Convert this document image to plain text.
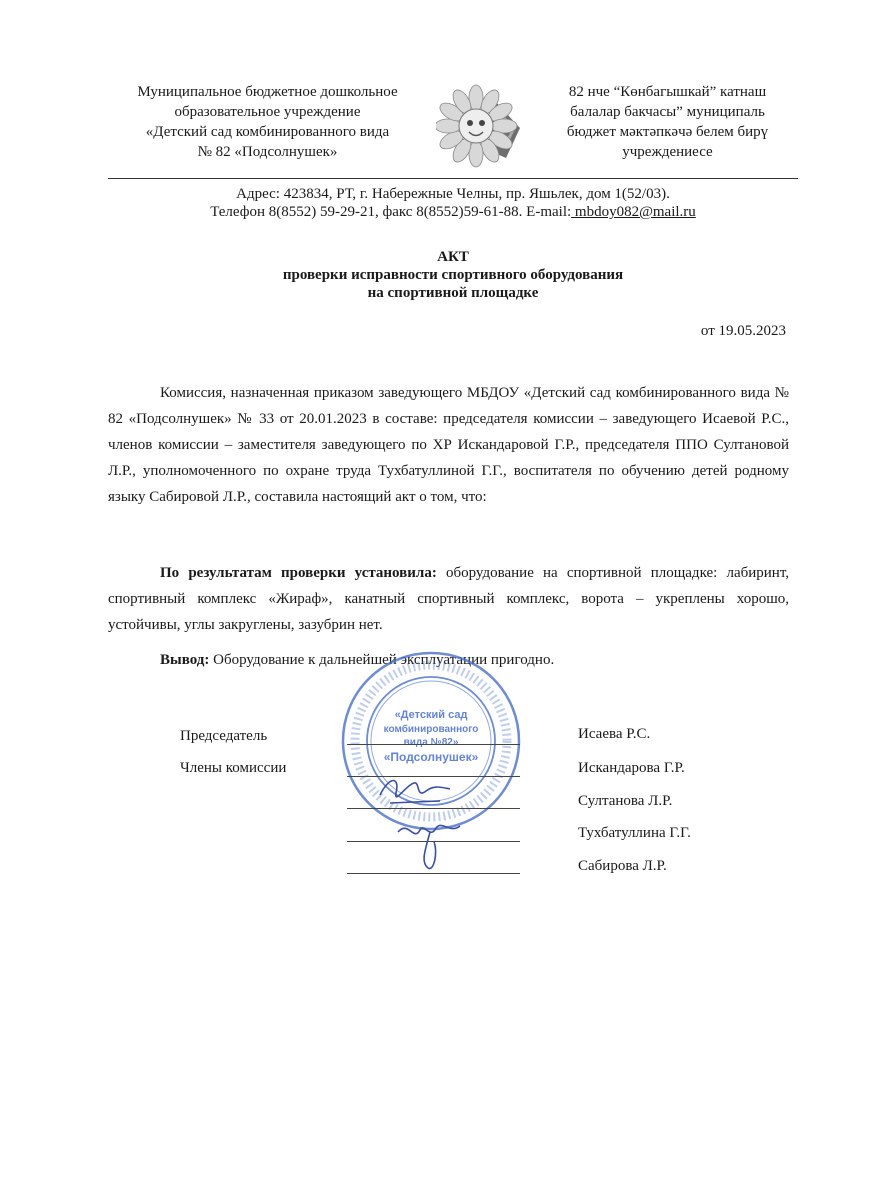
Муниципальное бюджетное дошкольное
образовательное учреждение
«Детский сад комбинированного вида
№ 82 «Подсолнушек»
82 нче “Көнбагышкай” катнаш
балалар бакчасы” муниципаль
бюджет мәктәпкәчә белем бирү
учреждениесе
Адрес: 423834, РТ, г. Набережные Челны, пр. Яшьлек, дом 1(52/03).
Телефон 8(8552) 59-29-21, факс 8(8552)59-61-88. E-mail: mbdoy082@mail.ru
АКТ
проверки исправности спортивного оборудования
на спортивной площадке
от 19.05.2023

Комиссия, назначенная приказом заведующего МБДОУ «Детский сад комбинированного вида № 82 «Подсолнушек» № 33 от 20.01.2023 в составе: председателя комиссии – заведующего Исаевой Р.С., членов комиссии – заместителя заведующего по ХР Искандаровой Г.Р., председателя ППО Султановой Л.Р., уполномоченного по охране труда Тухбатуллиной Г.Г., воспитателя по обучению детей родному языку Сабировой Л.Р., составила настоящий акт о том, что:

По результатам проверки установила: оборудование на спортивной площадке: лабиринт, спортивный комплекс «Жираф», канатный спортивный комплекс, ворота – укреплены хорошо, устойчивы, углы закруглены, зазубрин нет.

Вывод: Оборудование к дальнейшей эксплуатации пригодно.

«Детский сад
комбинированного
вида №82»
«Подсолнушек»
Председатель
Члены комиссии
Исаева Р.С.
Искандарова Г.Р.
Султанова Л.Р.
Тухбатуллина Г.Г.
Сабирова Л.Р.
